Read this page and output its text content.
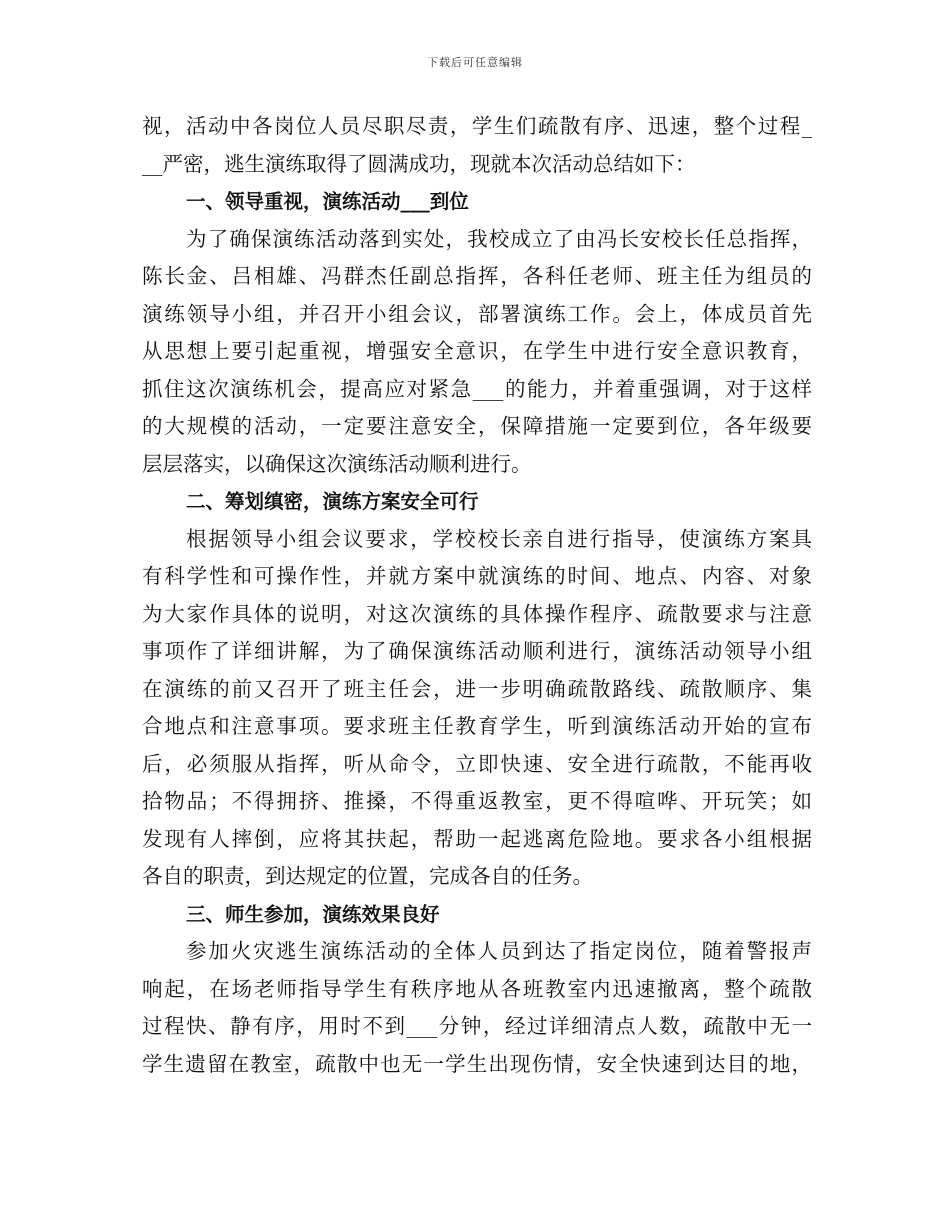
下载后可任意编辑
视，活动中各岗位人员尽职尽责，学生们疏散有序、迅速，整个过程_
__严密，逃生演练取得了圆满成功，现就本次活动总结如下：
一、领导重视，演练活动___到位
为了确保演练活动落到实处，我校成立了由冯长安校长任总指挥，
陈长金、吕相雄、冯群杰任副总指挥，各科任老师、班主任为组员的
演练领导小组，并召开小组会议，部署演练工作。会上，体成员首先
从思想上要引起重视，增强安全意识，在学生中进行安全意识教育，
抓住这次演练机会，提高应对紧急___的能力，并着重强调，对于这样
的大规模的活动，一定要注意安全，保障措施一定要到位，各年级要
层层落实，以确保这次演练活动顺利进行。
二、筹划缜密，演练方案安全可行
根据领导小组会议要求，学校校长亲自进行指导，使演练方案具
有科学性和可操作性，并就方案中就演练的时间、地点、内容、对象
为大家作具体的说明，对这次演练的具体操作程序、疏散要求与注意
事项作了详细讲解，为了确保演练活动顺利进行，演练活动领导小组
在演练的前又召开了班主任会，进一步明确疏散路线、疏散顺序、集
合地点和注意事项。要求班主任教育学生，听到演练活动开始的宣布
后，必须服从指挥，听从命令，立即快速、安全进行疏散，不能再收
拾物品；不得拥挤、推搡，不得重返教室，更不得喧哗、开玩笑；如
发现有人摔倒，应将其扶起，帮助一起逃离危险地。要求各小组根据
各自的职责，到达规定的位置，完成各自的任务。
三、师生参加，演练效果良好
参加火灾逃生演练活动的全体人员到达了指定岗位，随着警报声
响起，在场老师指导学生有秩序地从各班教室内迅速撤离，整个疏散
过程快、静有序，用时不到___分钟，经过详细清点人数，疏散中无一
学生遗留在教室，疏散中也无一学生出现伤情，安全快速到达目的地，
